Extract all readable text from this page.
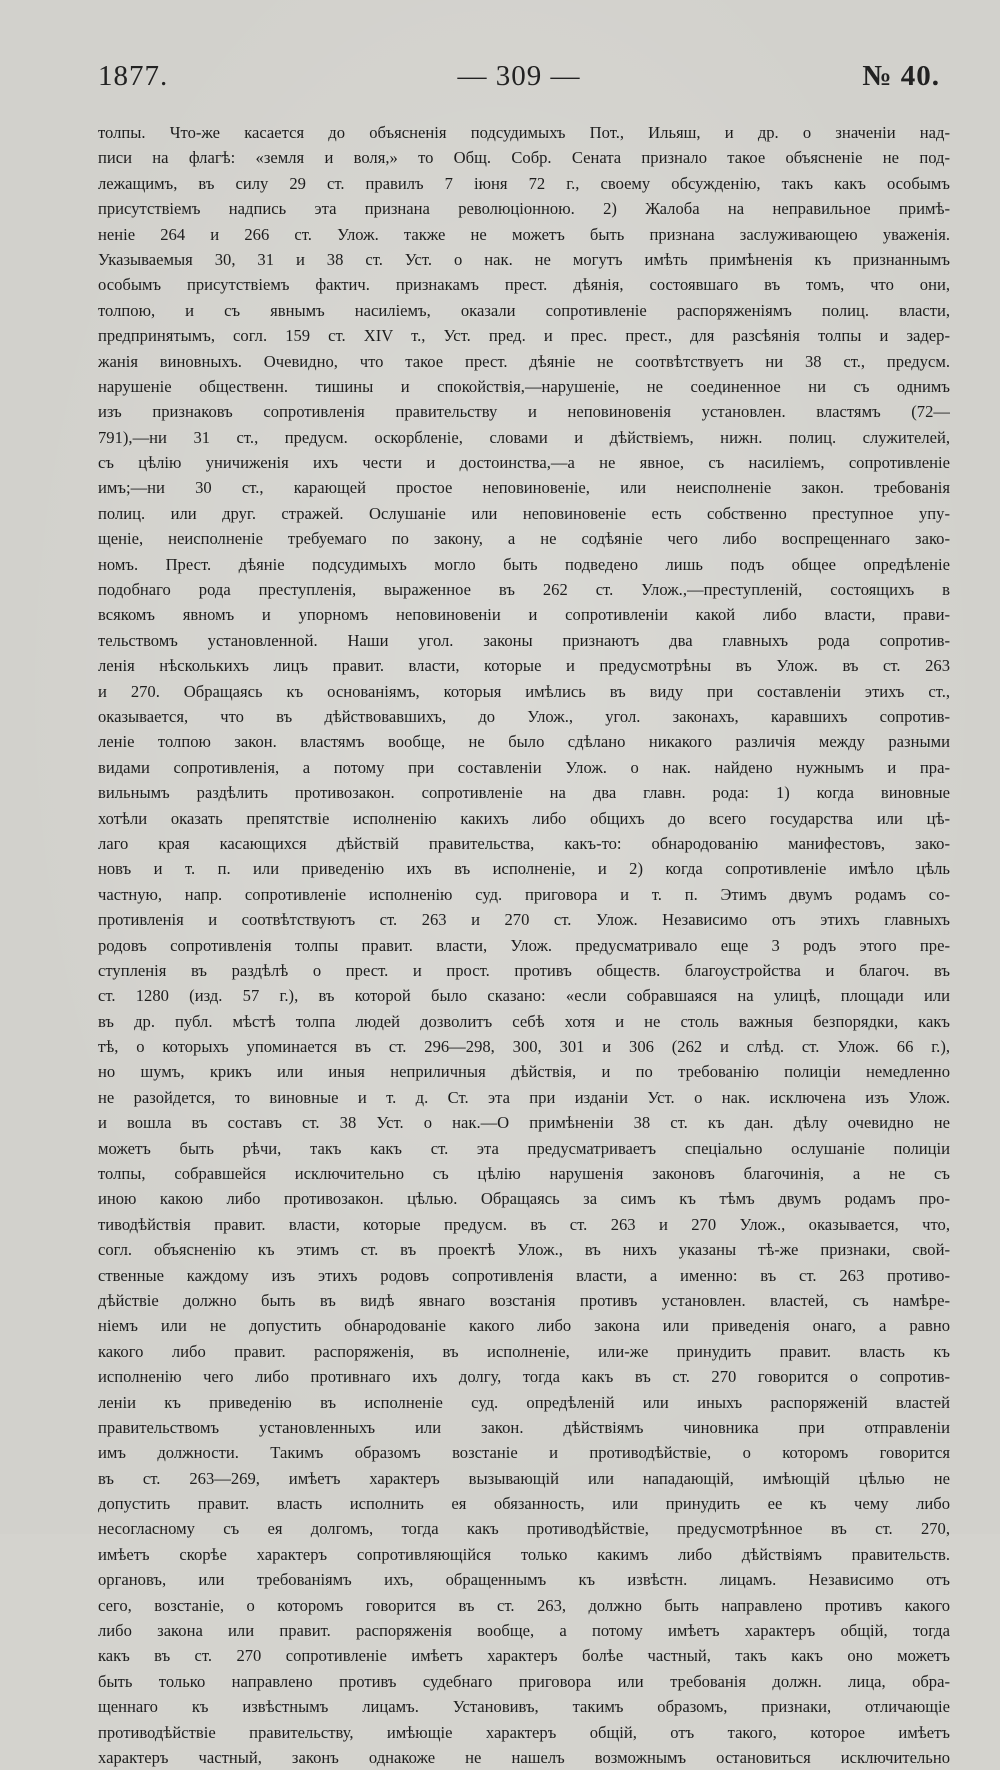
1877.	— 309 —	№ 40.
толпы. Что-же касается до объясненія подсудимыхъ Пот., Ильяш, и др. о значеніи над-
писи на флагѣ: «земля и воля,» то Общ. Собр. Сената признало такое объясненіе не под-
лежащимъ, въ силу 29 ст. правилъ 7 іюня 72 г., своему обсужденію, такъ какъ особымъ
присутствіемъ надпись эта признана революціонною. 2) Жалоба на неправильное примѣ-
неніе 264 и 266 ст. Улож. также не можетъ быть признана заслуживающею уваженія.
Указываемыя 30, 31 и 38 ст. Уст. о нак. не могутъ имѣть примѣненія къ признаннымъ
особымъ присутствіемъ фактич. признакамъ прест. дѣянія, состоявшаго въ томъ, что они,
толпою, и съ явнымъ насиліемъ, оказали сопротивленіе распоряженіямъ полиц. власти,
предпринятымъ, согл. 159 ст. XIV т., Уст. пред. и прес. прест., для разсѣянія толпы и задер-
жанія виновныхъ. Очевидно, что такое прест. дѣяніе не соотвѣтствуетъ ни 38 ст., предусм.
нарушеніе общественн. тишины и спокойствія,—нарушеніе, не соединенное ни съ однимъ
изъ признаковъ сопротивленія правительству и неповиновенія установлен. властямъ (72—
791),—ни 31 ст., предусм. оскорбленіе, словами и дѣйствіемъ, нижн. полиц. служителей,
съ цѣлію уничиженія ихъ чести и достоинства,—а не явное, съ насиліемъ, сопротивленіе
имъ;—ни 30 ст., карающей простое неповиновеніе, или неисполненіе закон. требованія
полиц. или друг. стражей. Ослушаніе или неповиновеніе есть собственно преступное упу-
щеніе, неисполненіе требуемаго по закону, а не содѣяніе чего либо воспрещеннаго зако-
номъ. Прест. дѣяніе подсудимыхъ могло быть подведено лишь подъ общее опредѣленіе
подобнаго рода преступленія, выраженное въ 262 ст. Улож.,—преступленій, состоящихъ в
всякомъ явномъ и упорномъ неповиновеніи и сопротивленіи какой либо власти, прави-
тельствомъ установленной. Наши угол. законы признаютъ два главныхъ рода сопротив-
ленія нѣсколькихъ лицъ правит. власти, которые и предусмотрѣны въ Улож. въ ст. 263
и 270. Обращаясь къ основаніямъ, которыя имѣлись въ виду при составленіи этихъ ст.,
оказывается, что въ дѣйствовавшихъ, до Улож., угол. законахъ, каравшихъ сопротив-
леніе толпою закон. властямъ вообще, не было сдѣлано никакого различія между разными
видами сопротивленія, а потому при составленіи Улож. о нак. найдено нужнымъ и пра-
вильнымъ раздѣлить противозакон. сопротивленіе на два главн. рода: 1) когда виновные
хотѣли оказать препятствіе исполненію какихъ либо общихъ до всего государства или цѣ-
лаго края касающихся дѣйствій правительства, какъ-то: обнародованію манифестовъ, зако-
новъ и т. п. или приведенію ихъ въ исполненіе, и 2) когда сопротивленіе имѣло цѣль
частную, напр. сопротивленіе исполненію суд. приговора и т. п. Этимъ двумъ родамъ со-
противленія и соотвѣтствуютъ ст. 263 и 270 ст. Улож. Независимо отъ этихъ главныхъ
родовъ сопротивленія толпы правит. власти, Улож. предусматривало еще 3 родъ этого пре-
ступленія въ раздѣлѣ о прест. и прост. противъ обществ. благоустройства и благоч. въ
ст. 1280 (изд. 57 г.), въ которой было сказано: «если собравшаяся на улицѣ, площади или
въ др. публ. мѣстѣ толпа людей дозволитъ себѣ хотя и не столь важныя безпорядки, какъ
тѣ, о которыхъ упоминается въ ст. 296—298, 300, 301 и 306 (262 и слѣд. ст. Улож. 66 г.),
но шумъ, крикъ или иныя неприличныя дѣйствія, и по требованію полиціи немедленно
не разойдется, то виновные и т. д. Ст. эта при изданіи Уст. о нак. исключена изъ Улож.
и вошла въ составъ ст. 38 Уст. о нак.—О примѣненіи 38 ст. къ дан. дѣлу очевидно не
можетъ быть рѣчи, такъ какъ ст. эта предусматриваетъ спеціально ослушаніе полиціи
толпы, собравшейся исключительно съ цѣлію нарушенія законовъ благочинія, а не съ
иною какою либо противозакон. цѣлью. Обращаясь за симъ къ тѣмъ двумъ родамъ про-
тиводѣйствія правит. власти, которые предусм. въ ст. 263 и 270 Улож., оказывается, что,
согл. объясненію къ этимъ ст. въ проектѣ Улож., въ нихъ указаны тѣ-же признаки, свой-
ственные каждому изъ этихъ родовъ сопротивленія власти, а именно: въ ст. 263 противо-
дѣйствіе должно быть въ видѣ явнаго возстанія противъ установлен. властей, съ намѣре-
ніемъ или не допустить обнародованіе какого либо закона или приведенія онаго, а равно
какого либо правит. распоряженія, въ исполненіе, или-же принудить правит. власть къ
исполненію чего либо противнаго ихъ долгу, тогда какъ въ ст. 270 говорится о сопротив-
леніи къ приведенію въ исполненіе суд. опредѣленій или иныхъ распоряженій властей
правительствомъ установленныхъ или закон. дѣйствіямъ чиновника при отправленіи
имъ должности. Такимъ образомъ возстаніе и противодѣйствіе, о которомъ говорится
въ ст. 263—269, имѣетъ характеръ вызывающій или нападающій, имѣющій цѣлью не
допустить правит. власть исполнить ея обязанность, или принудить ее къ чему либо
несогласному съ ея долгомъ, тогда какъ противодѣйствіе, предусмотрѣнное въ ст. 270,
имѣетъ скорѣе характеръ сопротивляющійся только какимъ либо дѣйствіямъ правительств.
органовъ, или требованіямъ ихъ, обращеннымъ къ извѣстн. лицамъ. Независимо отъ
сего, возстаніе, о которомъ говорится въ ст. 263, должно быть направлено противъ какого
либо закона или правит. распоряженія вообще, а потому имѣетъ характеръ общій, тогда
какъ въ ст. 270 сопротивленіе имѣетъ характеръ болѣе частный, такъ какъ оно можетъ
быть только направлено противъ судебнаго приговора или требованія должн. лица, обра-
щеннаго къ извѣстнымъ лицамъ. Установивъ, такимъ образомъ, признаки, отличающіе
противодѣйствіе правительству, имѣющіе характеръ общій, отъ такого, которое имѣетъ
характеръ частный, законъ однакоже не нашелъ возможнымъ остановиться исключительно
